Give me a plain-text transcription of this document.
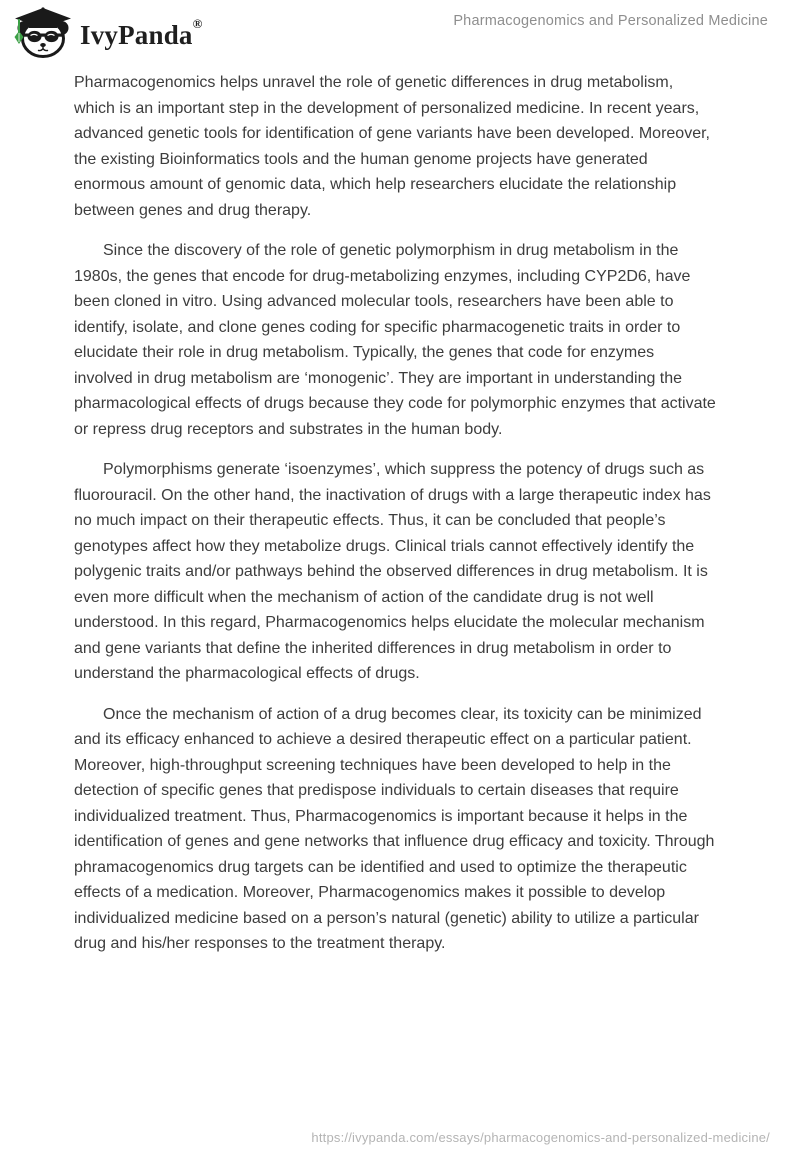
IvyPanda®	Pharmacogenomics and Personalized Medicine

Pharmacogenomics helps unravel the role of genetic differences in drug metabolism, which is an important step in the development of personalized medicine. In recent years, advanced genetic tools for identification of gene variants have been developed. Moreover, the existing Bioinformatics tools and the human genome projects have generated enormous amount of genomic data, which help researchers elucidate the relationship between genes and drug therapy.

Since the discovery of the role of genetic polymorphism in drug metabolism in the 1980s, the genes that encode for drug-metabolizing enzymes, including CYP2D6, have been cloned in vitro. Using advanced molecular tools, researchers have been able to identify, isolate, and clone genes coding for specific pharmacogenetic traits in order to elucidate their role in drug metabolism. Typically, the genes that code for enzymes involved in drug metabolism are ‘monogenic’. They are important in understanding the pharmacological effects of drugs because they code for polymorphic enzymes that activate or repress drug receptors and substrates in the human body.

Polymorphisms generate ‘isoenzymes’, which suppress the potency of drugs such as fluorouracil. On the other hand, the inactivation of drugs with a large therapeutic index has no much impact on their therapeutic effects. Thus, it can be concluded that people’s genotypes affect how they metabolize drugs. Clinical trials cannot effectively identify the polygenic traits and/or pathways behind the observed differences in drug metabolism. It is even more difficult when the mechanism of action of the candidate drug is not well understood. In this regard, Pharmacogenomics helps elucidate the molecular mechanism and gene variants that define the inherited differences in drug metabolism in order to understand the pharmacological effects of drugs.

Once the mechanism of action of a drug becomes clear, its toxicity can be minimized and its efficacy enhanced to achieve a desired therapeutic effect on a particular patient. Moreover, high-throughput screening techniques have been developed to help in the detection of specific genes that predispose individuals to certain diseases that require individualized treatment. Thus, Pharmacogenomics is important because it helps in the identification of genes and gene networks that influence drug efficacy and toxicity. Through phramacogenomics drug targets can be identified and used to optimize the therapeutic effects of a medication. Moreover, Pharmacogenomics makes it possible to develop individualized medicine based on a person’s natural (genetic) ability to utilize a particular drug and his/her responses to the treatment therapy.

https://ivypanda.com/essays/pharmacogenomics-and-personalized-medicine/
